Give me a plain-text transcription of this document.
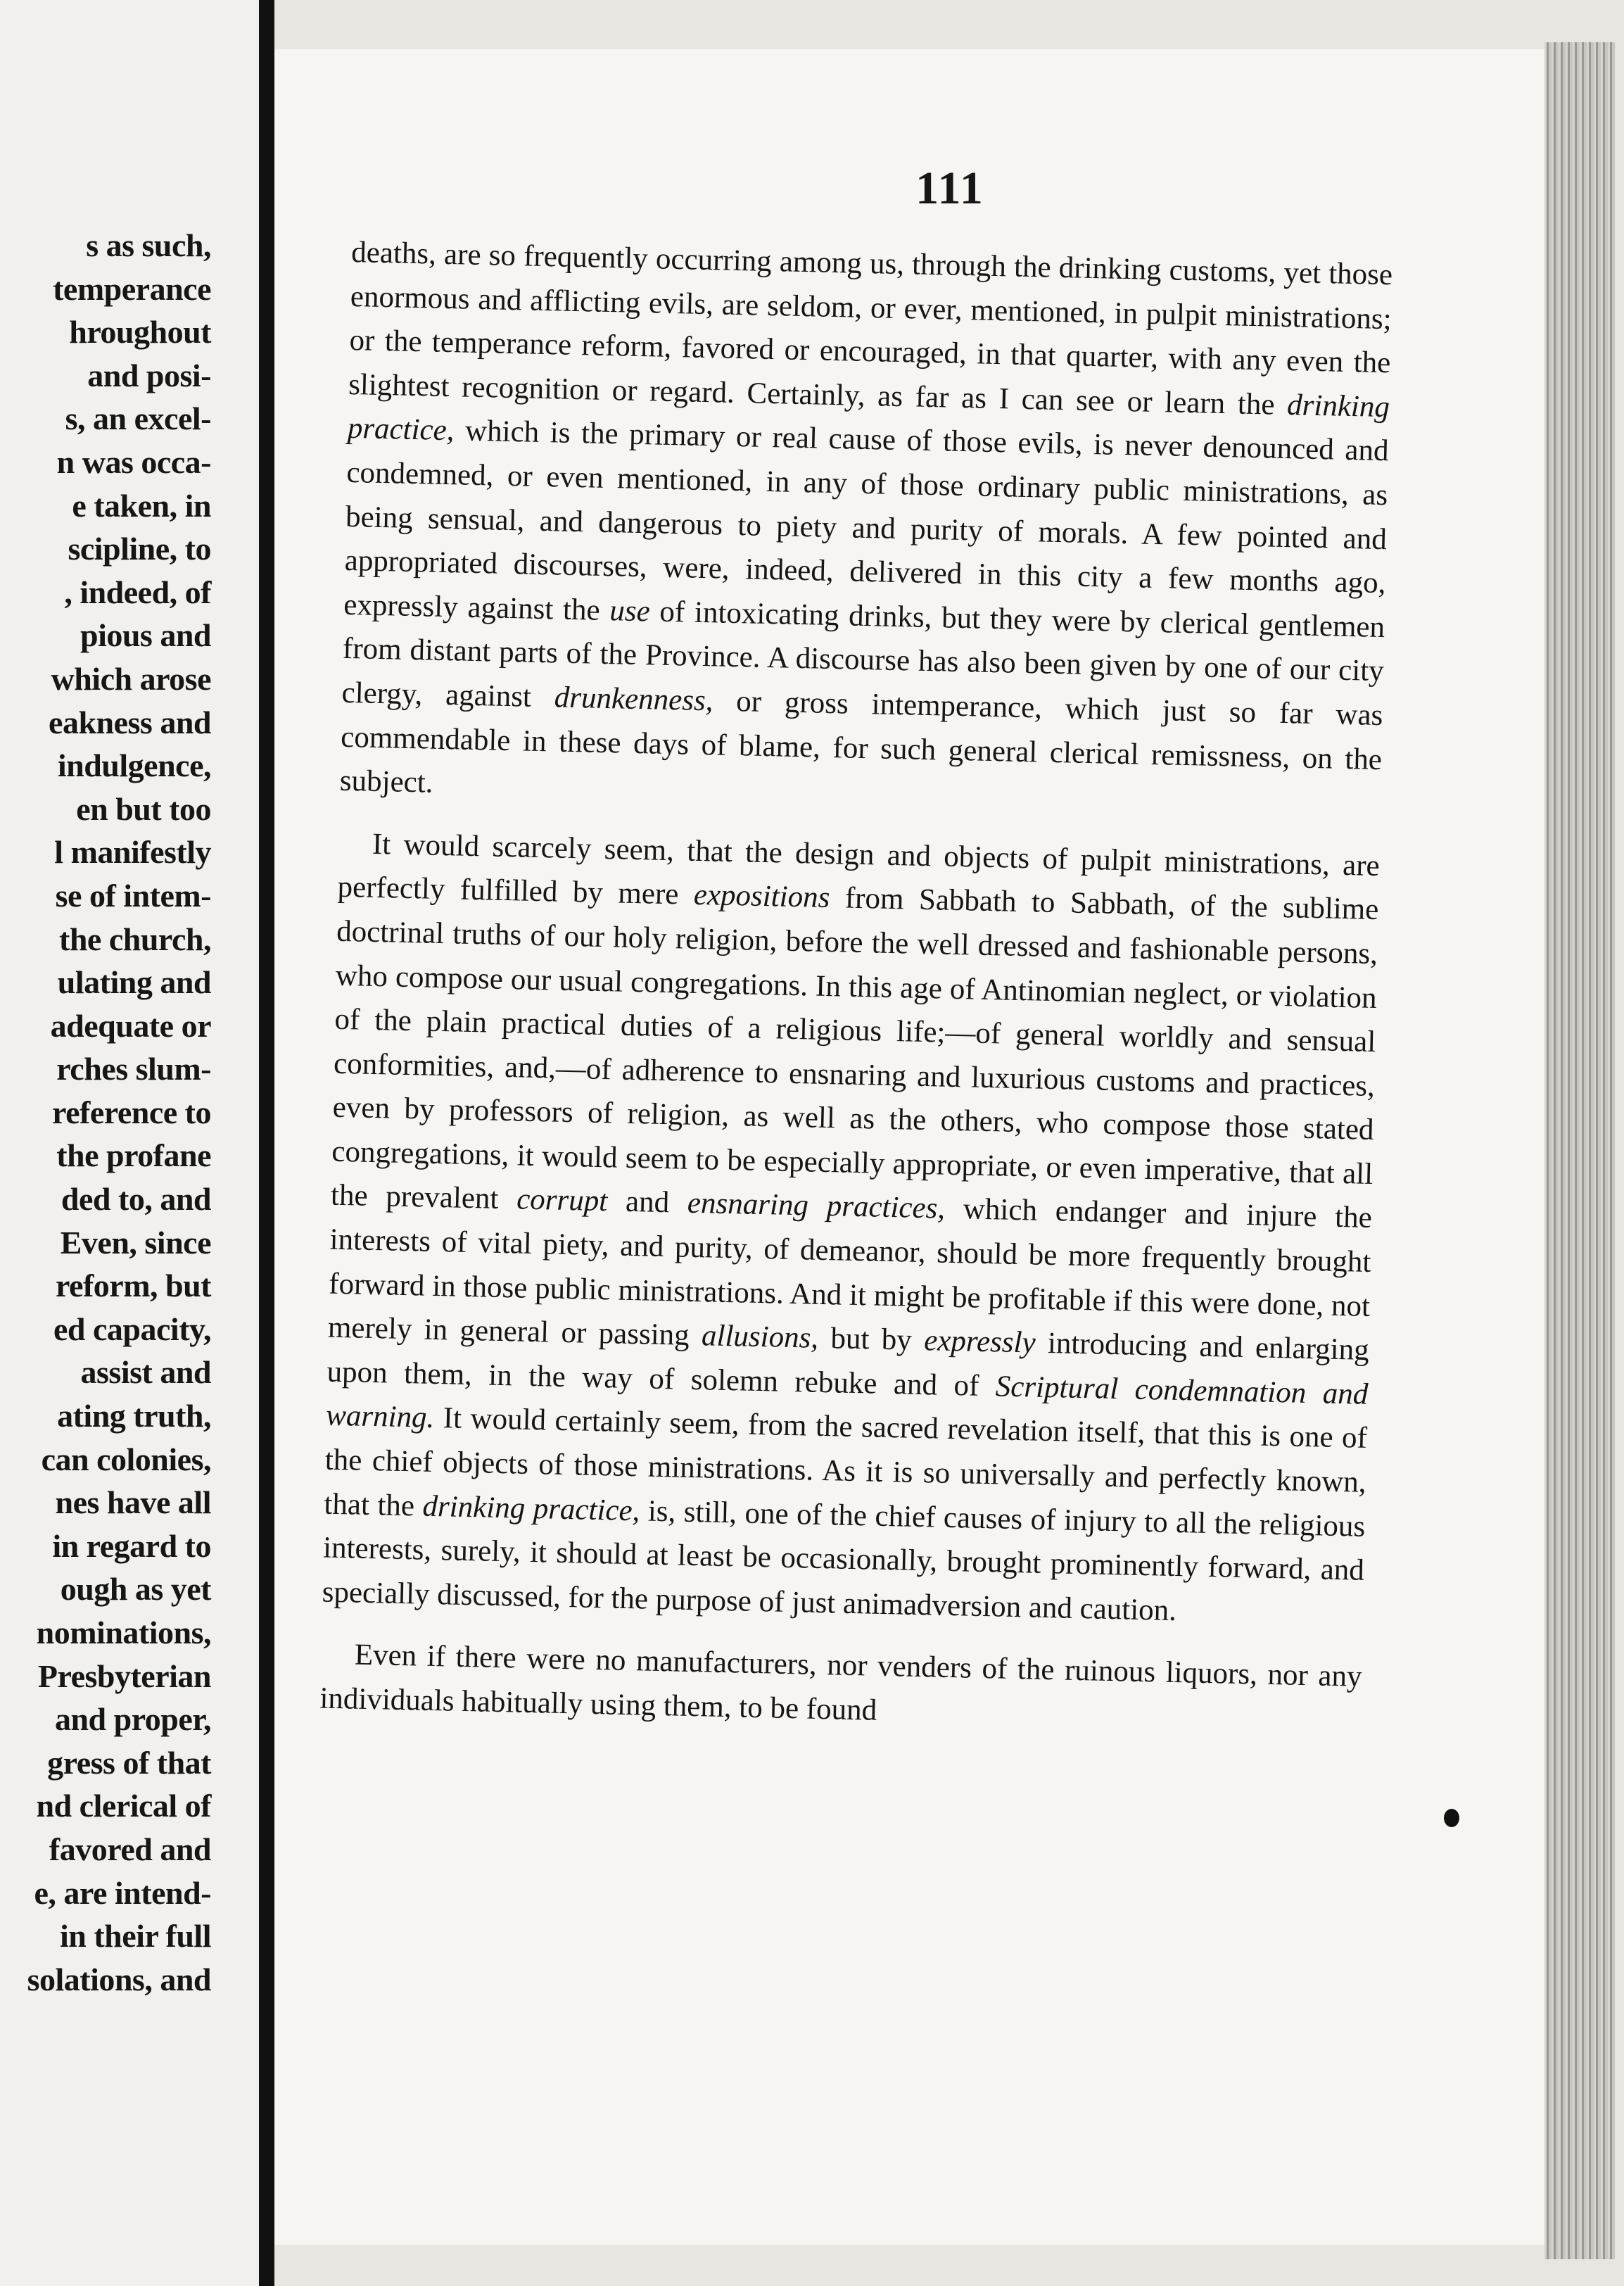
s as such,
temperance
hroughout
and posi-
s, an excel-
n was occa-
e taken, in
scipline, to
, indeed, of
pious and
which arose
eakness and
indulgence,
en but too
l manifestly
se of intem-
the church,
ulating and
adequate or
rches slum-
reference to
the profane
ded to, and
Even, since
reform, but
ed capacity,
assist and
ating truth,
can colonies,
nes have all
in regard to
ough as yet
nominations,
Presbyterian
and proper,
gress of that
nd clerical of
favored and
e, are intend-
in their full
solations, and
111

deaths, are so frequently occurring among us, through the drinking customs, yet those enormous and afflicting evils, are seldom, or ever, mentioned, in pulpit ministrations; or the temperance reform, favored or encouraged, in that quarter, with any even the slightest recognition or regard. Certainly, as far as I can see or learn the drinking practice, which is the primary or real cause of those evils, is never denounced and condemned, or even mentioned, in any of those ordinary public ministrations, as being sensual, and dangerous to piety and purity of morals. A few pointed and appropriated discourses, were, indeed, delivered in this city a few months ago, expressly against the use of intoxicating drinks, but they were by clerical gentlemen from distant parts of the Province. A discourse has also been given by one of our city clergy, against drunkenness, or gross intemperance, which just so far was commendable in these days of blame, for such general clerical remissness, on the subject.

It would scarcely seem, that the design and objects of pulpit ministrations, are perfectly fulfilled by mere expositions from Sabbath to Sabbath, of the sublime doctrinal truths of our holy religion, before the well dressed and fashionable persons, who compose our usual congregations. In this age of Antinomian neglect, or violation of the plain practical duties of a religious life;—of general worldly and sensual conformities, and,—of adherence to ensnaring and luxurious customs and practices, even by professors of religion, as well as the others, who compose those stated congregations, it would seem to be especially appropriate, or even imperative, that all the prevalent corrupt and ensnaring practices, which endanger and injure the interests of vital piety, and purity, of demeanor, should be more frequently brought forward in those public ministrations. And it might be profitable if this were done, not merely in general or passing allusions, but by expressly introducing and enlarging upon them, in the way of solemn rebuke and of Scriptural condemnation and warning. It would certainly seem, from the sacred revelation itself, that this is one of the chief objects of those ministrations. As it is so universally and perfectly known, that the drinking practice, is, still, one of the chief causes of injury to all the religious interests, surely, it should at least be occasionally, brought prominently forward, and specially discussed, for the purpose of just animadversion and caution.

Even if there were no manufacturers, nor venders of the ruinous liquors, nor any individuals habitually using them, to be found
